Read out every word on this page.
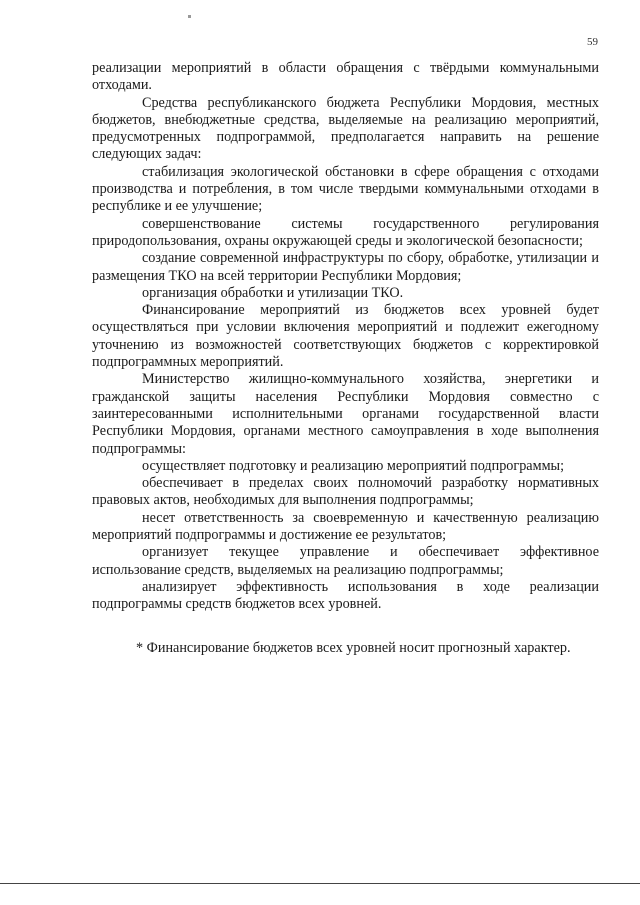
59

реализации мероприятий в области обращения с твёрдыми коммунальными отходами.

Средства республиканского бюджета Республики Мордовия, местных бюджетов, внебюджетные средства, выделяемые на реализацию мероприятий, предусмотренных подпрограммой, предполагается направить на решение следующих задач:

стабилизация экологической обстановки в сфере обращения с отходами производства и потребления, в том числе твердыми коммунальными отходами в республике и ее улучшение;

совершенствование системы государственного регулирования природопользования, охраны окружающей среды и экологической безопасности;

создание современной инфраструктуры по сбору, обработке, утилизации и размещения ТКО на всей территории Республики Мордовия;

организация обработки и утилизации ТКО.

Финансирование мероприятий из бюджетов всех уровней будет осуществляться при условии включения мероприятий и подлежит ежегодному уточнению из возможностей соответствующих бюджетов с корректировкой подпрограммных мероприятий.

Министерство жилищно-коммунального хозяйства, энергетики и гражданской защиты населения Республики Мордовия совместно с заинтересованными исполнительными органами государственной власти Республики Мордовия, органами местного самоуправления в ходе выполнения подпрограммы:

осуществляет подготовку и реализацию мероприятий подпрограммы;

обеспечивает в пределах своих полномочий разработку нормативных правовых актов, необходимых для выполнения подпрограммы;

несет ответственность за своевременную и качественную реализацию мероприятий подпрограммы и достижение ее результатов;

организует текущее управление и обеспечивает эффективное использование средств, выделяемых на реализацию подпрограммы;

анализирует эффективность использования в ходе реализации подпрограммы средств бюджетов всех уровней.

* Финансирование бюджетов всех уровней носит прогнозный характер.
